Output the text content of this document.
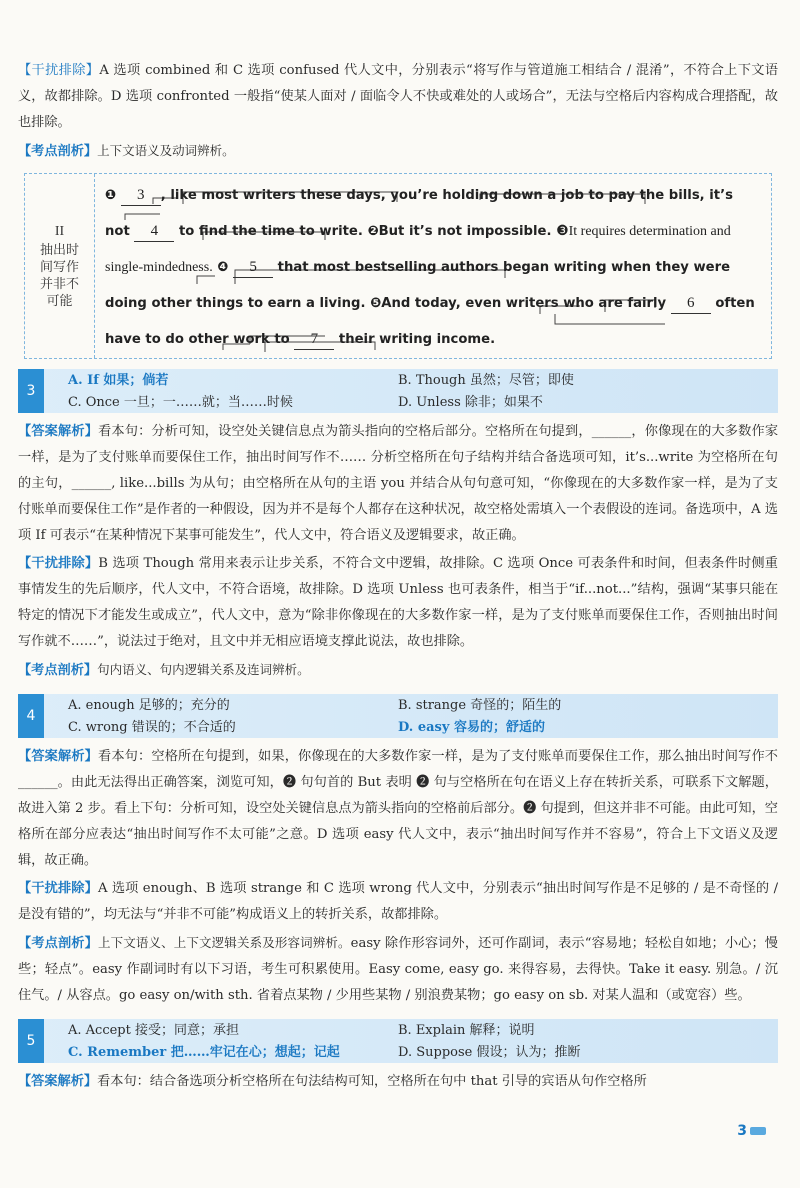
【干扰排除】A 选项 combined 和 C 选项 confused 代人文中，分别表示“将写作与管道施工相结合 / 混淆”，不符合上下文语义，故都排除。D 选项 confronted 一般指“使某人面对 / 面临令人不快或难处的人或场合”，无法与空格后内容构成合理搭配，故也排除。

【考点剖析】上下文语义及动词辨析。

II
抽出时间写作并非不可能
❶ 3 , like most writers these days, you’re holding down a job to pay the bills, it’s
not 4 to find the time to write. ❷But it’s not impossible. ❸It requires determination and
single-mindedness. ❹ 5 that most bestselling authors began writing when they were
doing other things to earn a living. ❺And today, even writers who are fairly 6 often
have to do other work to 7 their writing income.
3
A. If 如果；倘若	B. Though 虽然；尽管；即使
C. Once 一旦；一……就；当……时候	D. Unless 除非；如果不

【答案解析】看本句：分析可知，设空处关键信息点为箭头指向的空格后部分。空格所在句提到，______，你像现在的大多数作家一样，是为了支付账单而要保住工作，抽出时间写作不…… 分析空格所在句子结构并结合备选项可知，it’s...write 为空格所在句的主句，______, like...bills 为从句；由空格所在从句的主语 you 并结合从句句意可知，“你像现在的大多数作家一样，是为了支付账单而要保住工作”是作者的一种假设，因为并不是每个人都存在这种状况，故空格处需填入一个表假设的连词。备选项中，A 选项 If 可表示“在某种情况下某事可能发生”，代人文中，符合语义及逻辑要求，故正确。

【干扰排除】B 选项 Though 常用来表示让步关系，不符合文中逻辑，故排除。C 选项 Once 可表条件和时间，但表条件时侧重事情发生的先后顺序，代人文中，不符合语境，故排除。D 选项 Unless 也可表条件，相当于“if...not...”结构，强调“某事只能在特定的情况下才能发生或成立”，代人文中，意为“除非你像现在的大多数作家一样，是为了支付账单而要保住工作，否则抽出时间写作就不……”，说法过于绝对，且文中并无相应语境支撑此说法，故也排除。

【考点剖析】句内语义、句内逻辑关系及连词辨析。

4
A. enough 足够的；充分的	B. strange 奇怪的；陌生的
C. wrong 错误的；不合适的	D. easy 容易的；舒适的

【答案解析】看本句：空格所在句提到，如果，你像现在的大多数作家一样，是为了支付账单而要保住工作，那么抽出时间写作不______。由此无法得出正确答案，浏览可知，❷ 句句首的 But 表明 ❷ 句与空格所在句在语义上存在转折关系，可联系下文解题，故进入第 2 步。看上下句：分析可知，设空处关键信息点为箭头指向的空格前后部分。❷ 句提到，但这并非不可能。由此可知，空格所在部分应表达“抽出时间写作不太可能”之意。D 选项 easy 代人文中，表示“抽出时间写作并不容易”，符合上下文语义及逻辑，故正确。

【干扰排除】A 选项 enough、B 选项 strange 和 C 选项 wrong 代人文中，分别表示“抽出时间写作是不足够的 / 是不奇怪的 / 是没有错的”，均无法与“并非不可能”构成语义上的转折关系，故都排除。

【考点剖析】上下文语义、上下文逻辑关系及形容词辨析。easy 除作形容词外，还可作副词，表示“容易地；轻松自如地；小心；慢些；轻点”。easy 作副词时有以下习语，考生可积累使用。Easy come, easy go. 来得容易，去得快。Take it easy. 别急。/ 沉住气。/ 从容点。go easy on/with sth. 省着点某物 / 少用些某物 / 别浪费某物；go easy on sb. 对某人温和（或宽容）些。

5
A. Accept 接受；同意；承担	B. Explain 解释；说明
C. Remember 把……牢记在心；想起；记起	D. Suppose 假设；认为；推断

【答案解析】看本句：结合备选项分析空格所在句法结构可知，空格所在句中 that 引导的宾语从句作空格所

3
